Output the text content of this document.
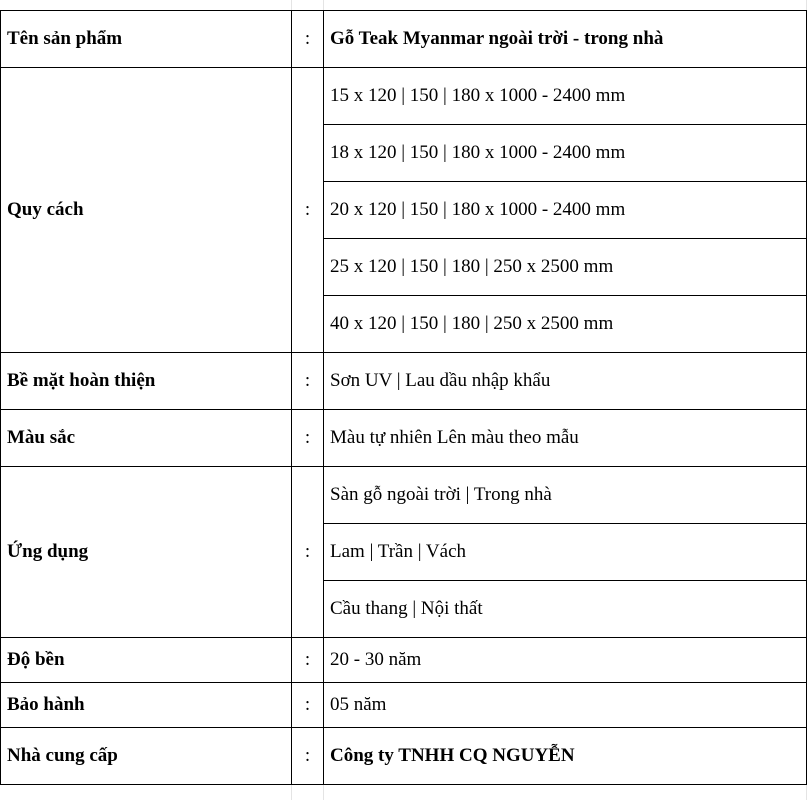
Tên sản phẩm	:	Gỗ Teak Myanmar ngoài trời - trong nhà
Quy cách	:	15 x 120 | 150 | 180 x 1000 - 2400 mm
		18 x 120 | 150 | 180 x 1000 - 2400 mm
		20 x 120 | 150 | 180 x 1000 - 2400 mm
		25 x 120 | 150 | 180 | 250 x 2500 mm
		40 x 120 | 150 | 180 | 250 x 2500 mm
Bề mặt hoàn thiện	:	Sơn UV | Lau dầu nhập khẩu
Màu sắc	:	Màu tự nhiên Lên màu theo mẫu
Ứng dụng	:	Sàn gỗ ngoài trời | Trong nhà
		Lam | Trần | Vách
		Cầu thang | Nội thất
Độ bền	:	20 - 30 năm
Bảo hành	:	05 năm
Nhà cung cấp	:	Công ty TNHH CQ NGUYỄN
